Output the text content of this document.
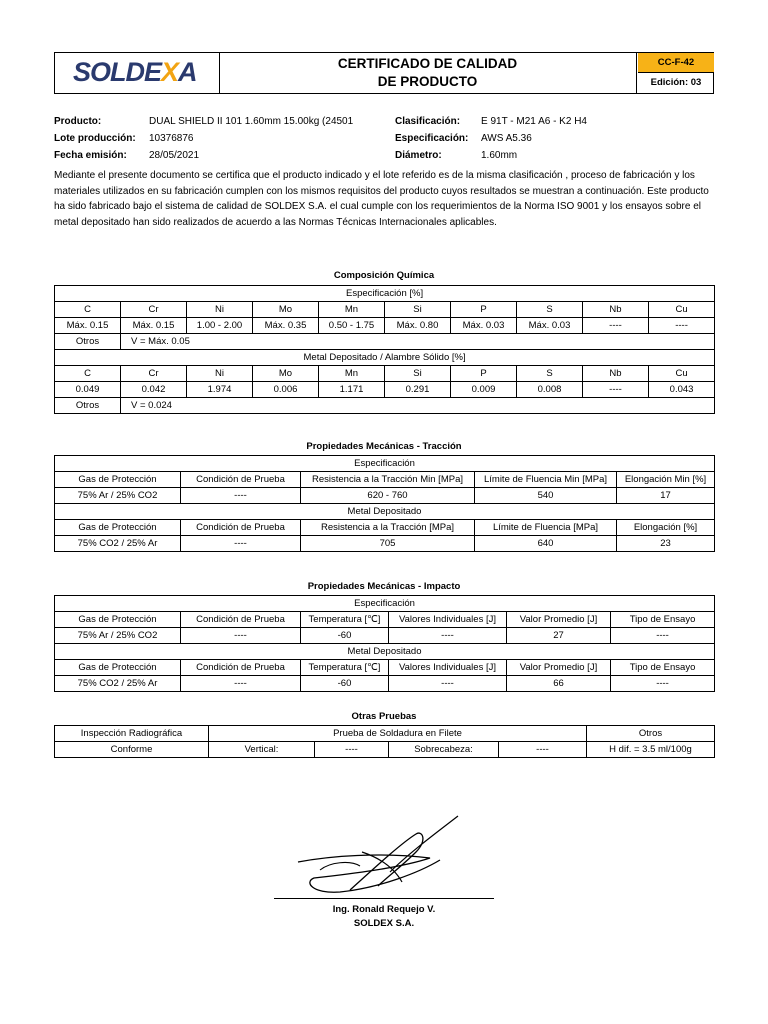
SOLDEXA	CERTIFICADO DE CALIDAD
DE PRODUCTO
CC-F-42
Edición: 03
Producto:	DUAL SHIELD II 101 1.60mm 15.00kg (24501
Lote producción: 10376876
Fecha emisión: 28/05/2021
Clasificación: E 91T - M21 A6 - K2 H4
Especificación: AWS A5.36
Diámetro:	1.60mm
Mediante el presente documento se certifica que el producto indicado y el lote referido es de la misma clasificación , proceso de fabricación y los materiales utilizados en su fabricación cumplen con los mismos requisitos del producto cuyos resultados se muestran a continuación. Este producto ha sido fabricado bajo el sistema de calidad de SOLDEX S.A. el cual cumple con los requerimientos de la Norma ISO 9001 y los ensayos sobre el metal depositado han sido realizados de acuerdo a las Normas Técnicas Internacionales aplicables.
Composición Química
Especificación [%]									
C	Cr	Ni	Mo	Mn	Si	P	S	Nb	Cu
Máx. 0.15	Máx. 0.15	1.00 - 2.00	Máx. 0.35	0.50 - 1.75	Máx. 0.80	Máx. 0.03	Máx. 0.03	----	----
Otros	V = Máx. 0.05								
Metal Depositado / Alambre Sólido [%]									
C	Cr	Ni	Mo	Mn	Si	P	S	Nb	Cu
0.049	0.042	1.974	0.006	1.171	0.291	0.009	0.008	----	0.043
Otros	V = 0.024								
Propiedades Mecánicas - Tracción
Especificación				
Gas de Protección	Condición de Prueba	Resistencia a la Tracción Min [MPa]	Límite de Fluencia Min [MPa]	Elongación Min [%]
75% Ar / 25% CO2	----	620 - 760	540	17
Metal Depositado				
Gas de Protección	Condición de Prueba	Resistencia a la Tracción [MPa]	Límite de Fluencia [MPa]	Elongación [%]
75% CO2 / 25% Ar	----	705	640	23
Propiedades Mecánicas - Impacto
Especificación					
Gas de Protección	Condición de Prueba	Temperatura [℃]	Valores Individuales [J]	Valor Promedio [J]	Tipo de Ensayo
75% Ar / 25% CO2	----	-60	----	27	----
Metal Depositado					
Gas de Protección	Condición de Prueba	Temperatura [℃]	Valores Individuales [J]	Valor Promedio [J]	Tipo de Ensayo
75% CO2 / 25% Ar	----	-60	----	66	----
Otras Pruebas
Inspección Radiográfica	Prueba de Soldadura en Filete				Otros
Conforme	Vertical:	----	Sobrecabeza:	----	H dif. = 3.5 ml/100g
Ing. Ronald Requejo V.
SOLDEX S.A.
